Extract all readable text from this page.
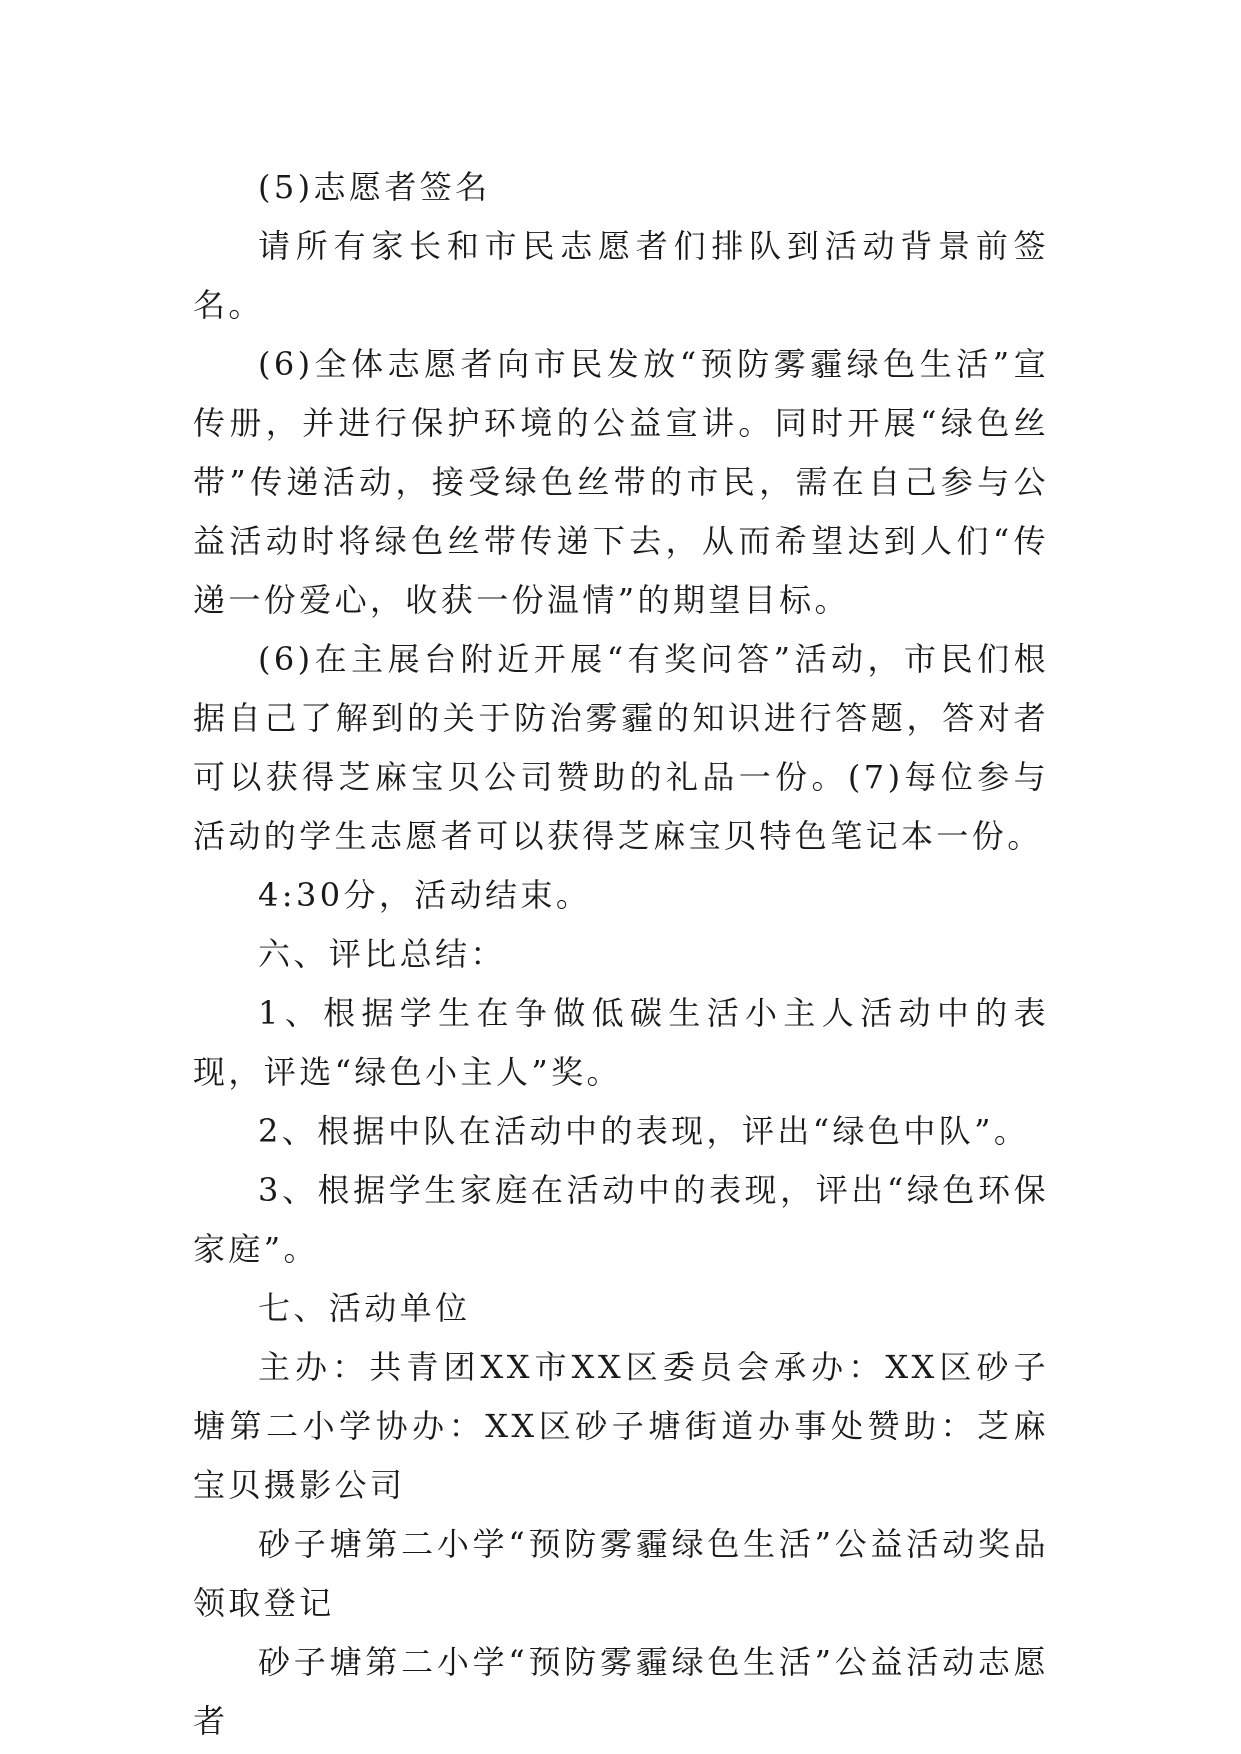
(5)志愿者签名

请所有家长和市民志愿者们排队到活动背景前签名。

(6)全体志愿者向市民发放“预防雾霾绿色生活”宣传册，并进行保护环境的公益宣讲。同时开展“绿色丝带”传递活动，接受绿色丝带的市民，需在自己参与公益活动时将绿色丝带传递下去，从而希望达到人们“传递一份爱心，收获一份温情”的期望目标。

(6)在主展台附近开展“有奖问答”活动，市民们根据自己了解到的关于防治雾霾的知识进行答题，答对者可以获得芝麻宝贝公司赞助的礼品一份。(7)每位参与活动的学生志愿者可以获得芝麻宝贝特色笔记本一份。

4:30分，活动结束。

六、评比总结：

1、根据学生在争做低碳生活小主人活动中的表现，评选“绿色小主人”奖。

2、根据中队在活动中的表现，评出“绿色中队”。

3、根据学生家庭在活动中的表现，评出“绿色环保家庭”。

七、活动单位

主办：共青团XX市XX区委员会承办：XX区砂子塘第二小学协办：XX区砂子塘街道办事处赞助：芝麻宝贝摄影公司

砂子塘第二小学“预防雾霾绿色生活”公益活动奖品领取登记

砂子塘第二小学“预防雾霾绿色生活”公益活动志愿者
